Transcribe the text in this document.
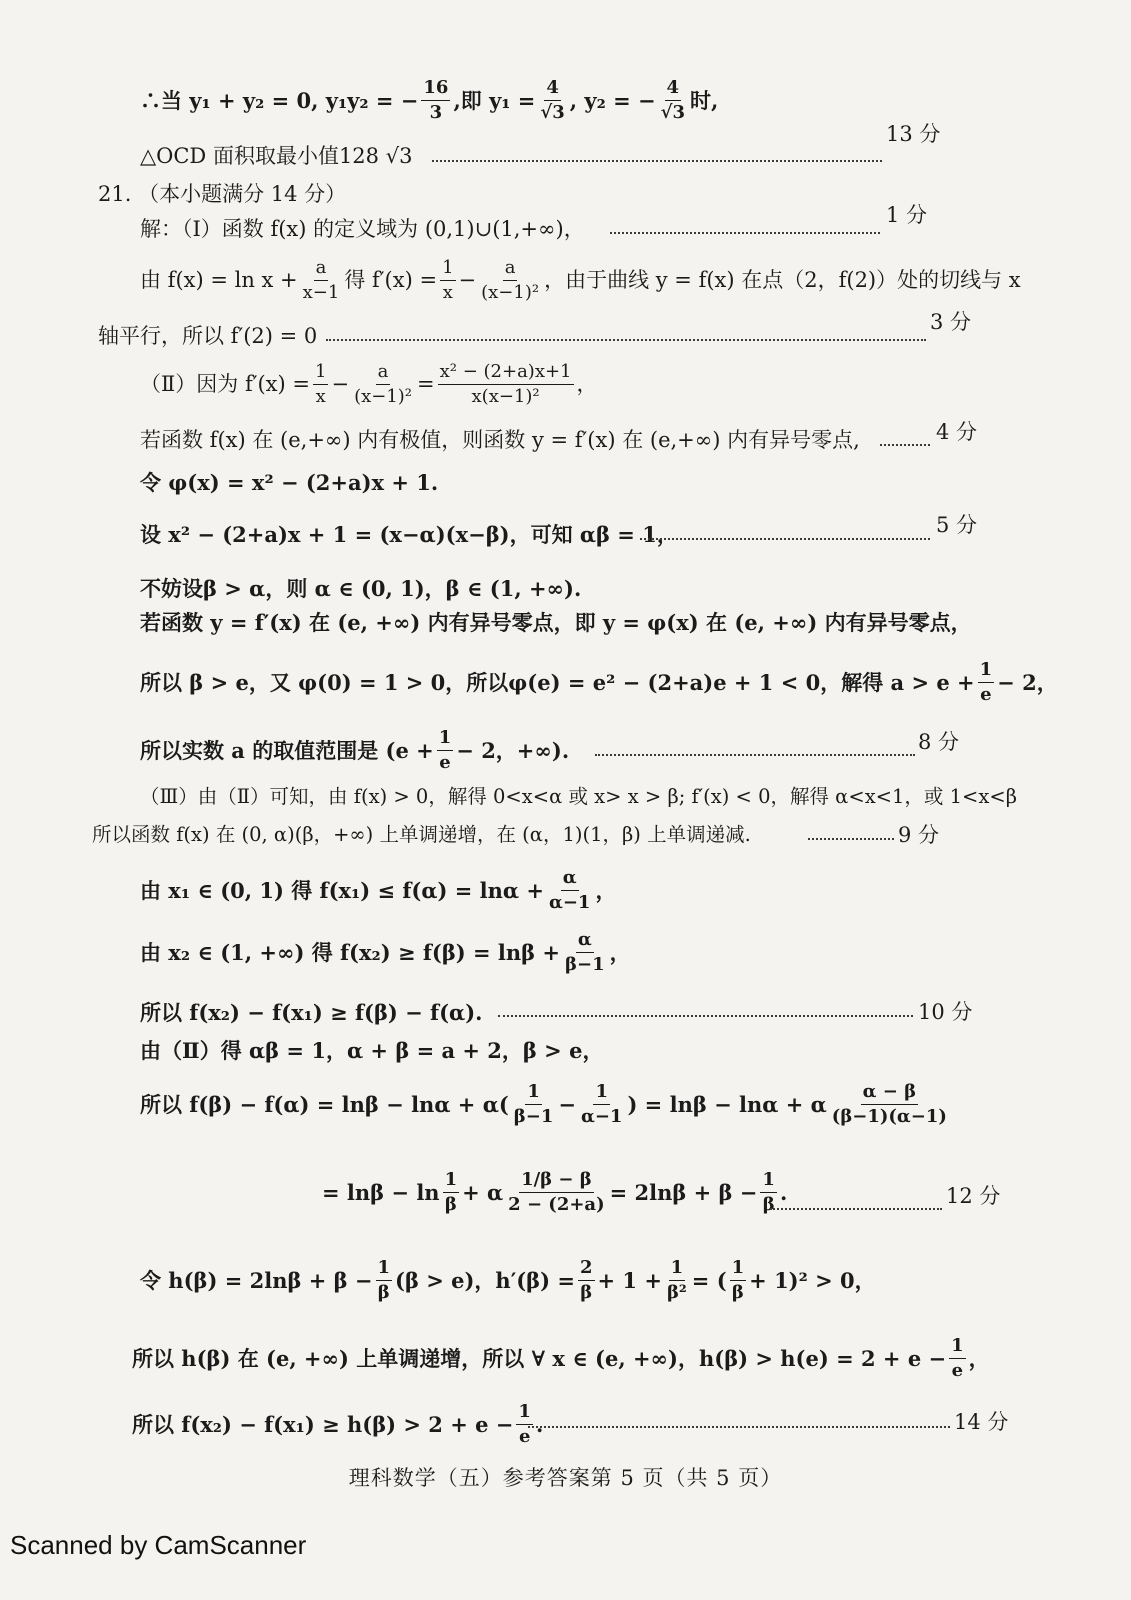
∴当 y₁ + y₂ = 0, y₁y₂ = − $\frac{16}{3}$ ,即 $y_1 = \frac{4}{√3}$ , y₂ = − $\frac{4}{√3}$ 时,
△OCD 面积取最小值128 √3
13 分
21. （本小题满分 14 分）
解：（Ⅰ）函数 f(x) 的定义域为 (0,1)∪(1,+∞)，
1 分
由 $f(x) = \ln x + \frac{a}{x-1}$ 得 $f'(x) = \frac{1}{x} - \frac{a}{\text{(x−1)²}}$ ，由于曲线 y = f(x) 在点（2，f(2)）处的切线与 x
轴平行，所以 f′(2) = 0
3 分
（Ⅱ）因为 $f'(x) = \frac{1}{x} - \frac{a}{\text{(x−1)²}} = \frac{\text{x² − (2+a)x+1}}{\text{x(x−1)²}}$ ，
若函数 f(x) 在 (e,+∞) 内有极值，则函数 y = f′(x) 在 (e,+∞) 内有异号零点,	4 分
令 φ(x) = x² − (2+a)x + 1.
设 x² − (2+a)x + 1 = (x−α)(x−β)，可知 αβ = 1，	5 分
不妨设β > α，则 α ∈ (0, 1)，β ∈ (1, +∞).
若函数 y = f′(x) 在 (e, +∞) 内有异号零点，即 y = φ(x) 在 (e, +∞) 内有异号零点，
所以 β > e，又 φ(0) = 1 > 0，所以φ(e) = e² − (2+a)e + 1 < 0，解得 $a > e + \frac{1}{e} - 2$，
所以实数 a 的取值范围是 ($e + \frac{1}{e} - 2$，+∞).	8 分
（Ⅲ）由（Ⅱ）可知，由 f(x) > 0，解得 0<x<α 或 x> x > β; f′(x) < 0，解得 α<x<1，或 1<x<β
所以函数 f(x) 在 (0, α)(β，+∞) 上单调递增，在 (α，1)(1，β) 上单调递减.	9 分
由 x₁ ∈ (0, 1) 得 $f(x_1) \le f(\alpha) = \ln\alpha + \frac{\alpha}{\alpha-1}$ ，
由 x₂ ∈ (1, +∞) 得 $f(x_2) \ge f(\beta) = \ln\beta + \frac{\alpha}{\beta-1}$ ，
所以 f(x₂) − f(x₁) ≥ f(β) − f(α).	10 分
由（Ⅱ）得 αβ = 1，α + β = a + 2，β > e，
所以 $f(\beta) - f(\alpha) = \ln\beta - \ln\alpha + \alpha( \frac{1}{\beta-1} - \frac{1}{\alpha-1}$ ) = lnβ − lnα + α $\frac{\alpha - \beta}{(\beta-1)(\alpha-1)}$
= $\ln\beta - \ln \frac{1}{\beta} + \alpha \frac{1/\beta - \beta}{2 - (2+a)} = 2\ln\beta + \beta - \frac{1}{\beta}$ .	12 分
令 $h(\beta) = 2\ln\beta + \beta - \frac{1}{\beta} (\beta > e)$，$h'(\beta) = \frac{2}{\beta} + 1 + \frac{1}{\text{β²}}$ = ( $\frac{1}{\beta} + 1)^2 > 0$，
所以 h(β) 在 (e, +∞) 上单调递增，所以 ∀ x ∈ (e, +∞)，$h(\beta) > h(e) = 2 + e - \frac{1}{e}$ ，
所以 $f(x_2) - f(x_1) \ge h(\beta) > 2 + e - \frac{1}{e}$ .	14 分
理科数学（五）参考答案第 5 页（共 5 页）
Scanned by CamScanner
